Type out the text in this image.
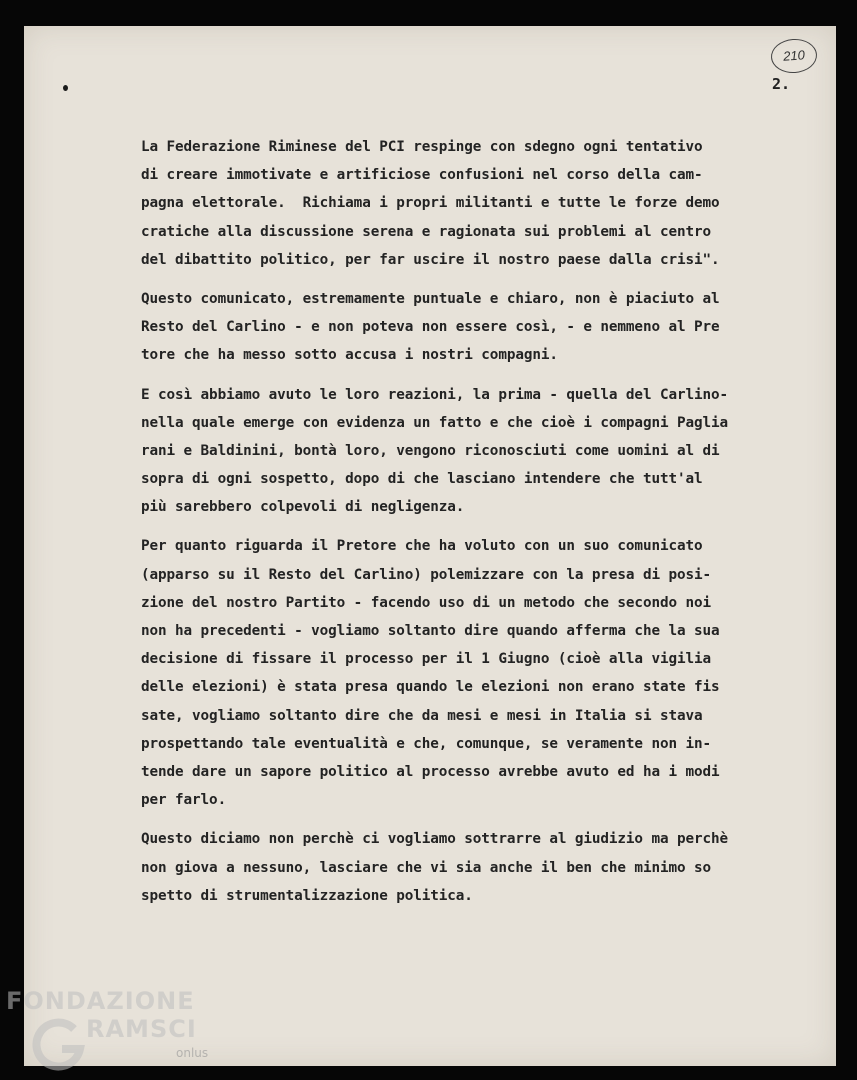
210
2.
La Federazione Riminese del PCI respinge con sdegno ogni tentativo
di creare immotivate e artificiose confusioni nel corso della cam-
pagna elettorale.  Richiama i propri militanti e tutte le forze demo
cratiche alla discussione serena e ragionata sui problemi al centro
del dibattito politico, per far uscire il nostro paese dalla crisi".
Questo comunicato, estremamente puntuale e chiaro, non è piaciuto al
Resto del Carlino - e non poteva non essere così, - e nemmeno al Pre
tore che ha messo sotto accusa i nostri compagni.
E così abbiamo avuto le loro reazioni, la prima - quella del Carlino-
nella quale emerge con evidenza un fatto e che cioè i compagni Paglia
rani e Baldinini, bontà loro, vengono riconosciuti come uomini al di
sopra di ogni sospetto, dopo di che lasciano intendere che tutt'al
più sarebbero colpevoli di negligenza.
Per quanto riguarda il Pretore che ha voluto con un suo comunicato
(apparso su il Resto del Carlino) polemizzare con la presa di posi-
zione del nostro Partito - facendo uso di un metodo che secondo noi
non ha precedenti - vogliamo soltanto dire quando afferma che la sua
decisione di fissare il processo per il 1 Giugno (cioè alla vigilia
delle elezioni) è stata presa quando le elezioni non erano state fis
sate, vogliamo soltanto dire che da mesi e mesi in Italia si stava
prospettando tale eventualità e che, comunque, se veramente non in-
tende dare un sapore politico al processo avrebbe avuto ed ha i modi
per farlo.
Questo diciamo non perchè ci vogliamo sottrarre al giudizio ma perchè
non giova a nessuno, lasciare che vi sia anche il ben che minimo so
spetto di strumentalizzazione politica.
FONDAZIONE
RAMSCI
onlus
